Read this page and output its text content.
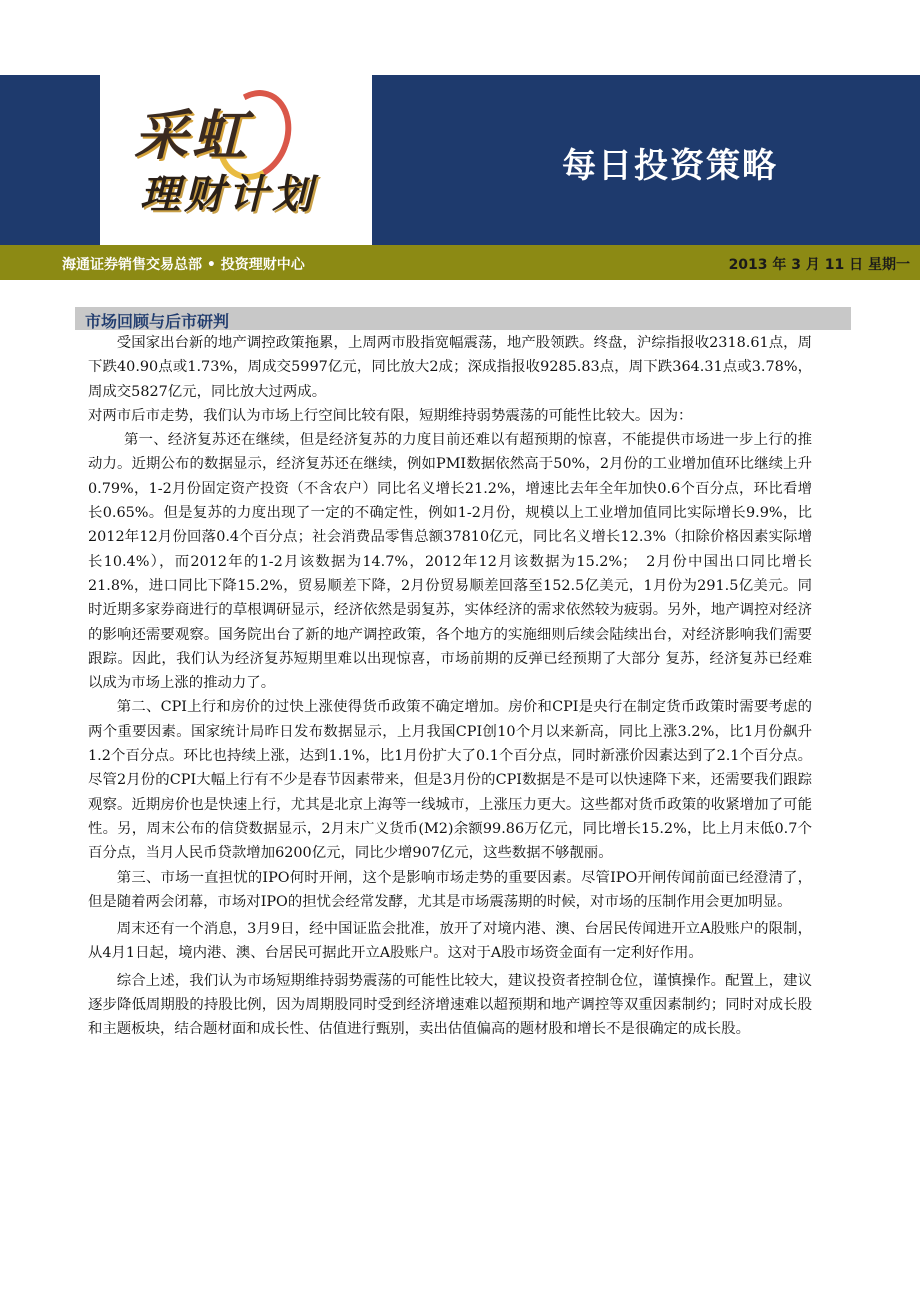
采虹
理财计划
每日投资策略
海通证券销售交易总部 • 投资理财中心	2013 年 3 月 11 日 星期一
市场回顾与后市研判

受国家出台新的地产调控政策拖累，上周两市股指宽幅震荡，地产股领跌。终盘，沪综指报收2318.61点，周下跌40.90点或1.73%，周成交5997亿元，同比放大2成；深成指报收9285.83点，周下跌364.31点或3.78%，周成交5827亿元，同比放大过两成。

对两市后市走势，我们认为市场上行空间比较有限，短期维持弱势震荡的可能性比较大。因为：

第一、经济复苏还在继续，但是经济复苏的力度目前还难以有超预期的惊喜，不能提供市场进一步上行的推动力。近期公布的数据显示，经济复苏还在继续，例如PMI数据依然高于50%，2月份的工业增加值环比继续上升0.79%，1-2月份固定资产投资（不含农户）同比名义增长21.2%，增速比去年全年加快0.6个百分点，环比看增长0.65%。但是复苏的力度出现了一定的不确定性，例如1-2月份，规模以上工业增加值同比实际增长9.9%，比2012年12月份回落0.4个百分点；社会消费品零售总额37810亿元，同比名义增长12.3%（扣除价格因素实际增长10.4%），而2012年的1-2月该数据为14.7%，2012年12月该数据为15.2%；　2月份中国出口同比增长21.8%，进口同比下降15.2%，贸易顺差下降，2月份贸易顺差回落至152.5亿美元，1月份为291.5亿美元。同时近期多家券商进行的草根调研显示，经济依然是弱复苏，实体经济的需求依然较为疲弱。另外，地产调控对经济的影响还需要观察。国务院出台了新的地产调控政策，各个地方的实施细则后续会陆续出台，对经济影响我们需要跟踪。因此，我们认为经济复苏短期里难以出现惊喜，市场前期的反弹已经预期了大部分 复苏，经济复苏已经难以成为市场上涨的推动力了。

第二、CPI上行和房价的过快上涨使得货币政策不确定增加。房价和CPI是央行在制定货币政策时需要考虑的两个重要因素。国家统计局昨日发布数据显示，上月我国CPI创10个月以来新高，同比上涨3.2%，比1月份飙升1.2个百分点。环比也持续上涨，达到1.1%，比1月份扩大了0.1个百分点，同时新涨价因素达到了2.1个百分点。尽管2月份的CPI大幅上行有不少是春节因素带来，但是3月份的CPI数据是不是可以快速降下来，还需要我们跟踪观察。近期房价也是快速上行，尤其是北京上海等一线城市，上涨压力更大。这些都对货币政策的收紧增加了可能性。另，周末公布的信贷数据显示，2月末广义货币(M2)余额99.86万亿元，同比增长15.2%，比上月末低0.7个百分点，当月人民币贷款增加6200亿元，同比少增907亿元，这些数据不够靓丽。

第三、市场一直担忧的IPO何时开闸，这个是影响市场走势的重要因素。尽管IPO开闸传闻前面已经澄清了，但是随着两会闭幕，市场对IPO的担忧会经常发酵，尤其是市场震荡期的时候，对市场的压制作用会更加明显。

周末还有一个消息，3月9日，经中国证监会批准，放开了对境内港、澳、台居民传闻进开立A股账户的限制，从4月1日起，境内港、澳、台居民可据此开立A股账户。这对于A股市场资金面有一定利好作用。

综合上述，我们认为市场短期维持弱势震荡的可能性比较大，建议投资者控制仓位，谨慎操作。配置上，建议逐步降低周期股的持股比例，因为周期股同时受到经济增速难以超预期和地产调控等双重因素制约；同时对成长股和主题板块，结合题材面和成长性、估值进行甄别，卖出估值偏高的题材股和增长不是很确定的成长股。
